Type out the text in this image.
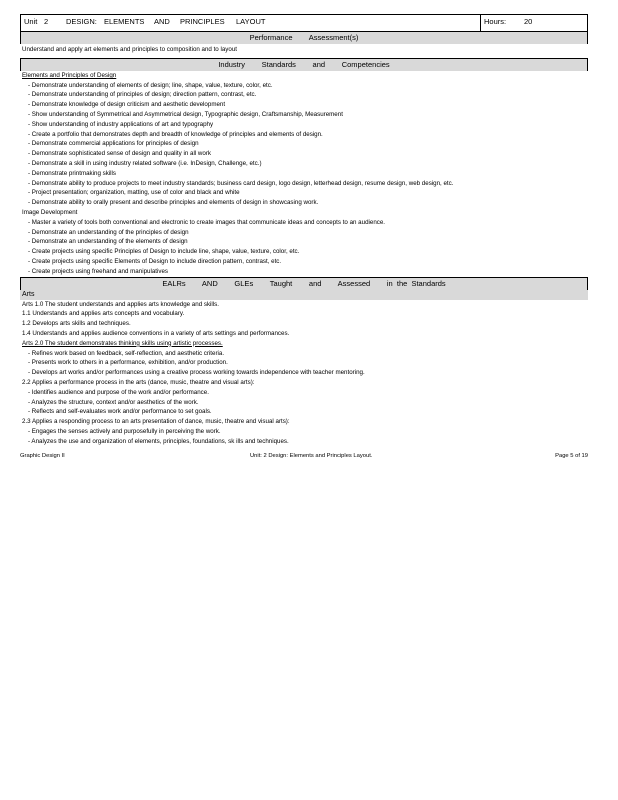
Unit 2	DESIGN: ELEMENTS	AND	PRINCIPLES	LAYOUT	Hours:	20
Performance        Assessment(s)
Understand and apply art elements and principles to composition and to layout
Industry        Standards        and        Competencies
Elements and Principles of Design
- Demonstrate understanding of elements of design; line, shape, value, texture, color, etc.
- Demonstrate understanding of principles of design; direction pattern, contrast, etc.
- Demonstrate knowledge of design criticism and aesthetic development
- Show understanding of Symmetrical and Asymmetrical design, Typographic design, Craftsmanship, Measurement
- Show understanding of industry applications of art and typography
- Create a portfolio that demonstrates depth and breadth of knowledge of principles and elements of design.
- Demonstrate commercial applications for principles of design
- Demonstrate sophisticated sense of design and quality in all work
- Demonstrate a skill in using industry related software (i.e. InDesign, Challenge, etc.)
- Demonstrate printmaking skills
- Demonstrate ability to produce projects to meet industry standards; business card design, logo design, letterhead design, resume design, web design, etc.
- Project presentation; organization, matting, use of color and black and white
- Demonstrate ability to orally present and describe principles and elements of design in showcasing work.
Image Development
- Master a variety of tools both conventional and electronic to create images that communicate ideas and concepts to an audience.
- Demonstrate an understanding of the principles of design
- Demonstrate an understanding of the elements of design
- Create projects using specific Principles of Design to include line, shape, value, texture, color, etc.
- Create projects using specific Elements of Design to include direction pattern, contrast, etc.
- Create projects using freehand and manipulatives
EALRs        AND        GLEs        Taught        and        Assessed        in  the  Standards
Arts
Arts 1.0 The student understands and applies arts knowledge and skills.
1.1 Understands and applies arts concepts and vocabulary.
1.2 Develops arts skills and techniques.
1.4 Understands and applies audience conventions in a variety of arts settings and performances.
Arts 2.0 The student demonstrates thinking skills using artistic processes.
- Refines work based on feedback, self-reflection, and aesthetic criteria.
- Presents work to others in a performance, exhibition, and/or production.
- Develops art works and/or performances using a creative process working towards independence with teacher mentoring.
2.2 Applies a performance process in the arts (dance, music, theatre and visual arts):
- Identifies audience and purpose of the work and/or performance.
- Analyzes the structure, context and/or aesthetics of the work.
- Reflects and self-evaluates work and/or performance to set goals.
2.3 Applies a responding process to an arts presentation of dance, music, theatre and visual arts):
- Engages the senses actively and purposefully in perceiving the work.
- Analyzes the use and organization of elements, principles, foundations, sk ills and techniques.
Graphic Design II	Unit: 2 Design: Elements and Principles Layout.	Page 5 of 19
